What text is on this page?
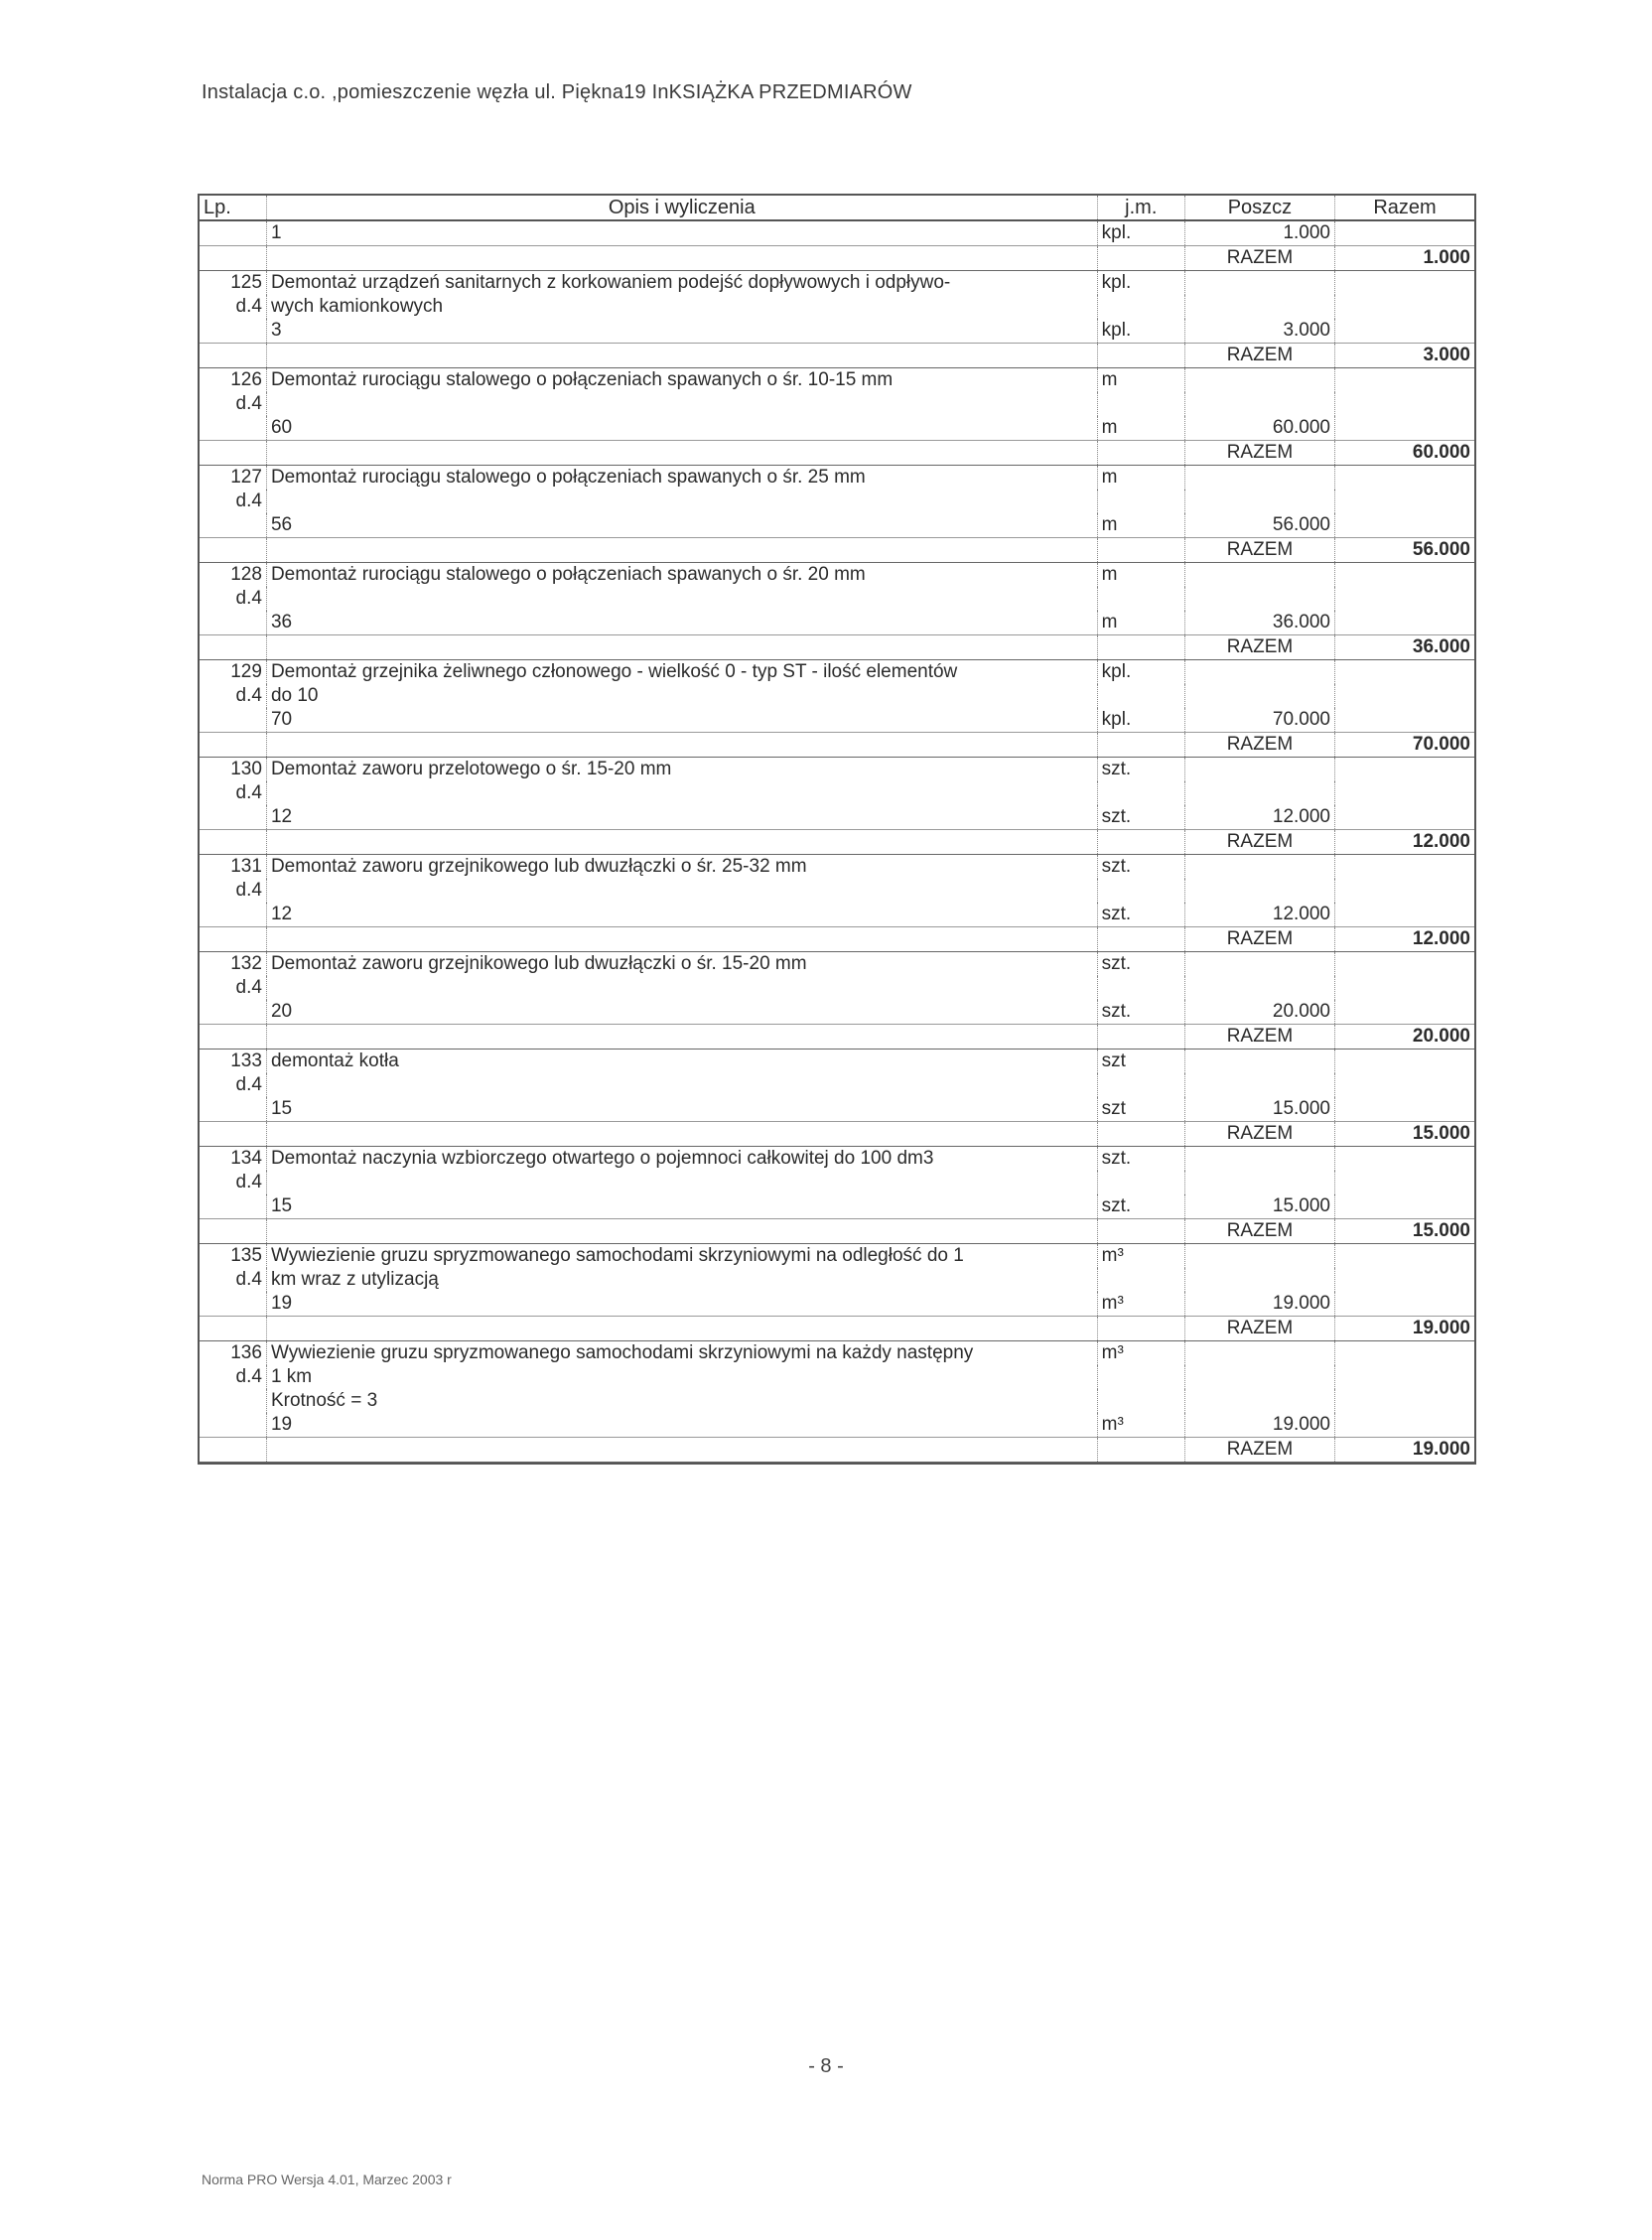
Instalacja c.o. ,pomieszczenie węzła ul. Piękna19 InKSIĄŻKA PRZEDMIARÓW
Lp.	Opis i wyliczenia	j.m.	Poszcz	Razem
	1	kpl.	1.000	
			RAZEM	1.000
125	Demontaż urządzeń sanitarnych z korkowaniem podejść dopływowych i odpływo-	kpl.		
d.4	wych kamionkowych			
	3	kpl.	3.000	
			RAZEM	3.000
126	Demontaż rurociągu stalowego o połączeniach spawanych o śr. 10-15 mm	m		
d.4				
	60	m	60.000	
			RAZEM	60.000
127	Demontaż rurociągu stalowego o połączeniach spawanych o śr. 25 mm	m		
d.4				
	56	m	56.000	
			RAZEM	56.000
128	Demontaż rurociągu stalowego o połączeniach spawanych o śr. 20 mm	m		
d.4				
	36	m	36.000	
			RAZEM	36.000
129	Demontaż grzejnika żeliwnego członowego - wielkość 0 - typ ST - ilość elementów	kpl.		
d.4	do 10			
	70	kpl.	70.000	
			RAZEM	70.000
130	Demontaż zaworu przelotowego o śr. 15-20 mm	szt.		
d.4				
	12	szt.	12.000	
			RAZEM	12.000
131	Demontaż zaworu grzejnikowego lub dwuzłączki o śr. 25-32 mm	szt.		
d.4				
	12	szt.	12.000	
			RAZEM	12.000
132	Demontaż zaworu grzejnikowego lub dwuzłączki o śr. 15-20 mm	szt.		
d.4				
	20	szt.	20.000	
			RAZEM	20.000
133	demontaż kotła	szt		
d.4				
	15	szt	15.000	
			RAZEM	15.000
134	Demontaż naczynia wzbiorczego otwartego o pojemnoci całkowitej do 100 dm3	szt.		
d.4				
	15	szt.	15.000	
			RAZEM	15.000
135	Wywiezienie gruzu spryzmowanego samochodami skrzyniowymi na odległość do 1	m³		
d.4	km wraz z utylizacją			
	19	m³	19.000	
			RAZEM	19.000
136	Wywiezienie gruzu spryzmowanego samochodami skrzyniowymi na każdy następny	m³		
d.4	1 km			
	Krotność = 3			
	19	m³	19.000	
			RAZEM	19.000
- 8 -
Norma PRO Wersja 4.01, Marzec 2003 r
